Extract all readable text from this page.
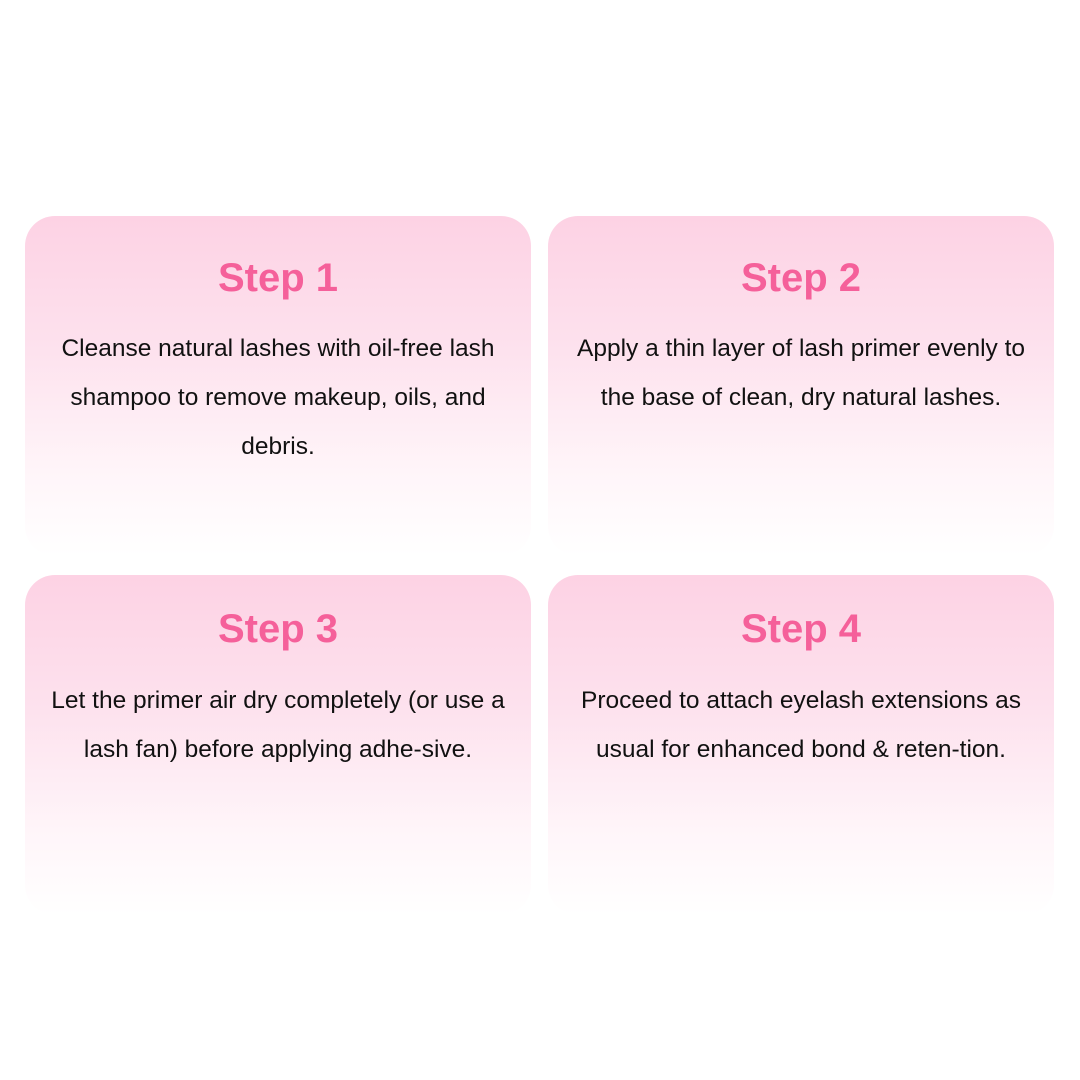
Step 1

Cleanse natural lashes with oil-free lash shampoo to remove makeup, oils, and debris.

Step 2

Apply a thin layer of lash primer evenly to the base of clean, dry natural lashes.

Step 3

Let the primer air dry completely (or use a lash fan) before applying adhe-sive.

Step 4

Proceed to attach eyelash extensions as usual for enhanced bond & reten-tion.
